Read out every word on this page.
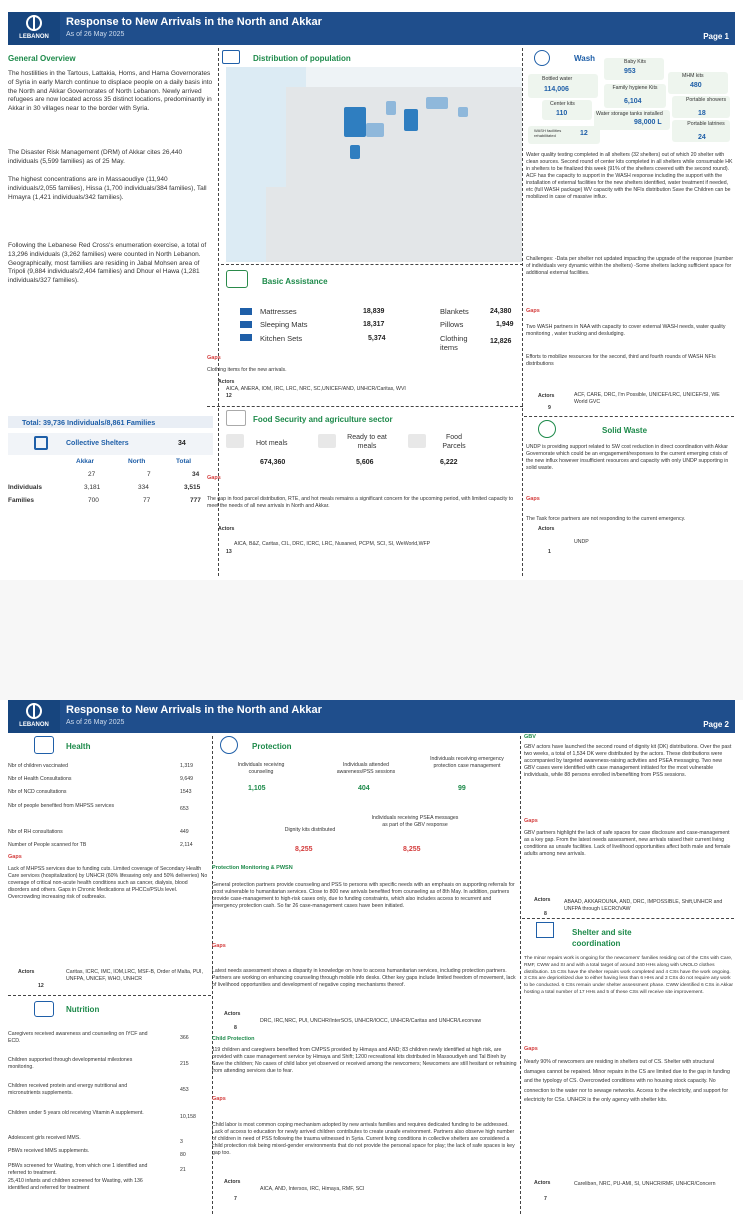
LEBANON
Response to New Arrivals in the North and Akkar
As of 26 May 2025	Page 1
General Overview
The hostilities in the Tartous, Lattakia, Homs, and Hama Governorates of Syria in early March continue to displace people on a daily basis into the North and Akkar Governorates of North Lebanon. Newly arrived refugees are now located across 35 distinct locations, predominantly in Akkar in 30 villages near to the border with Syria.
The Disaster Risk Management (DRM) of Akkar cites 26,440 individuals (5,599 families) as of 25 May.
The highest concentrations are in Massaoudiye (11,940 individuals/2,055 families), Hissa (1,700 individuals/384 families), Tall Hmayra (1,421 individuals/342 families).
Following the Lebanese Red Cross's enumeration exercise, a total of 13,296 individuals (3,262 families) were counted in North Lebanon. Geographically, most families are residing in Jabal Mohsen area of Tripoli (9,884 individuals/2,404 families) and Dhour el Hawa (1,281 individuals/327 families).
Total: 39,736 Individuals/8,861 Families
Collective Shelters	34
Akkar	North	Total
27	7	34
Individuals	3,181	334	3,515
Families	700	77	777
Distribution of population
Basic Assistance
Mattresses	18,839
Sleeping Mats	18,317
Kitchen Sets	5,374
Blankets	24,380
Pillows	1,949
Clothing items
12,826
Gaps
Clothing items for the new arrivals.
Actors
12
AICA, ANERA, IOM, IRC, LRC, NRC, SC,UNICEF/AND, UNHCR/Caritas, WVI
Food Security and agriculture sector
Hot meals
674,360
Ready to eat meals
5,606
Food Parcels
6,222
Gaps
The gap in food parcel distribution, RTE, and hot meals remains a significant concern for the upcoming period, with limited capacity to meet the needs of all new arrivals in North and Akkar.
Actors
AICA, B&Z, Caritas, CIL, DRC, ICRC, LRC, Nusaned, PCPM, SCI, SI, WeWorld,WFP
13
Wash
Bottled water
114,006
Baby Kits
953
MHM kits
480
Family hygiene Kits
6,104
Center kits
110	Water storage tanks installed
98,000 L
Portable showers
18
Portable latrines
24
WASH facilities rehabilitated	12
Water quality testing completed in all shelters (32 shelters) out of which 20 shelter with clean sources. Second round of center kits completed in all shelters while consumable HK in shelters to be finalized this week (91% of the shelters covered with the second round). ACF has the capacity to support in the WASH response including the support with the installation of external facilities for the new shelters identified, water treatment if needed, etc (full WASH package) WV capacity with the NFIs distribution Save the Children can be mobilized in case of massive influx.
Challenges: -Data per shelter not updated impacting the upgrade of the response (number of individuals very dynamic within the shelters) -Some shelters lacking sufficient space for additional external facilities.
Gaps
Two WASH partners in NAA with capacity to cover external WASH needs, water quality monitoring , water trucking and desludging.
Efforts to mobilize resources for the second, third and fourth rounds of WASH NFIs distributions
Actors
9
ACF, CARE, DRC, I'm Possible, UNICEF/LRC, UNICEF/SI, WE World GVC
Solid Waste
UNDP is providing support related to SW cost reduction in direct coordination with Akkar Governorate which could be an engagement/responses to the current emerging crisis of the new influx however insufficient resources and capacity with only UNDP supporting in solid waste.
Gaps
The Task force partners are not responding to the current emergency.
Actors
UNDP
1
LEBANON
Response to New Arrivals in the North and Akkar
As of 26 May 2025	Page 2
Health
Nbr of children vaccinated	1,319
Nbr of Health Consultations	9,649
Nbr of NCD consultations	1543
Nbr of people benefited from MHPSS services	653
Nbr of RH consultations	449
Number of People scanned for TB	2,114
Gaps
Lack of MHPSS services due to funding cuts. Limited coverage of Secondary Health Care services (hospitalization) by UNHCR (60% lifesaving only and 50% deliveries) No coverage of critical non-acute health conditions such as cancer, dialysis, blood disorders and others. Gaps in Chronic Medications at PHCCs/PSUs level. Overcrowding increasing risk of outbreaks.
Actors
12
Caritas, ICRC, IMC, IOM,LRC, MSF-B, Order of Malta, PUI, UNFPA, UNICEF, WHO, UNHCR
Nutrition
Caregivers received awareness and counseling on IYCF and ECD.	366
Children supported through developmental milestones monitoring.	215
Children received protein and energy nutritional and micronutrients supplements.	453
Children under 5 years old receiving Vitamin A supplement.
10,158
Adolescent girls received MMS.
3
PBWs received MMS supplements.
80
PBWs screened for Wasting, from which one 1 identified and referred to treatment.	21
25,410 infants and children screened for Wasting, with 136 identified and referred for treatment
Protection
Individuals receiving counseling
1,105
Individuals attended awareness/PSS sessions
404
Individuals receiving emergency protection case management
99
Dignity kits distributed
8,255
Individuals receiving PSEA messages as part of the GBV response
8,255
Protection Monitoring & PWSN
General protection partners provide counseling and PSS to persons with specific needs with an emphasis on supporting referrals for most vulnerable to humanitarian services. Close to 800 new arrivals benefited from counseling as of 8th May. In addition, partners provide case-management to high-risk cases only, due to funding constraints, which also includes access to recurrent and emergency protection cash. So far 26 case-management cases have been initiated.
Gaps
Latest needs assessment shows a disparity in knowledge on how to access humanitarian services, including protection partners. Partners are working on enhancing counseling through mobile info desks. Other key gaps include limited freedom of movement, lack of livelihood opportunities and development of negative coping mechanisms thereof.
Actors
8
DRC, IRC,NRC, PUI, UNCHR/InterSOS, UNHCR/IOCC, UNHCR/Caritas and UNHCR/Lecorvaw
Child Protection
119 children and caregivers benefited from CMPSS provided by Himaya and AND; 83 children newly identified at high risk, are provided with case management service by Himaya and Shift; 1200 recreational kits distributed in Massoudiyeh and Tal Bireh by Save the children; No cases of child labor yet observed or received among the newcomers; Newcomers are still hesitant or refraining from attending services due to fear.
Gaps
Child labor is most common coping mechanism adopted by new arrivals families and requires dedicated funding to be addressed. Lack of access to education for newly arrived children contributes to create unsafe environment. Partners also observe high number of children in need of PSS following the trauma witnessed in Syria. Current living conditions in collective shelters are considered a child protection risk being mixed-gender environments that do not provide the personal space for play; the lack of safe spaces is key gap too.
Actors
AICA, AND, Intersos, IRC, Himaya, RMF, SCI
7
GBV
GBV actors have launched the second round of dignity kit (DK) distributions. Over the past two weeks, a total of 1,534 DK were distributed by the actors. These distributions were accompanied by targeted awareness-raising activities and PSEA messaging. Two new GBV cases were identified with case management initiated for the most vulnerable individuals, while 88 persons enrolled in/benefiting from PSS sessions.
Gaps
GBV partners highlight the lack of safe spaces for case disclosure and case-management as a key gap. From the latest needs assessment, new arrivals raised their current living conditions as unsafe facilities. Lack of livelihood opportunities affect both male and female adults among new arrivals.
Actors
8
ABAAD, AKKAROUNA, AND, DRC, IMPOSSIBLE, Shift,UNHCR and UNFPA through LECROVAW
Shelter and site coordination
The minor repairs work is ongoing for the newcomers' families residing out of the CSs with Care, RMF, CWW and SI and with a total target of around 340 HHs along with UNOLO clothes distribution. 15 CSs have the shelter repairs work completed and 4 CSs have the work ongoing. 3 CSs are deprioritized due to either having less than 6 HHs and 3 CSs do not require any work to be conducted. 6 CSs remain under shelter assessment phase. CWW identified 6 CSs in Akkar hosting a total number of 17 HHs and 5 of these CSs will receive site improvement.
Gaps
Nearly 90% of newcomers are residing in shelters out of CS. Shelter with structural damages cannot be repaired. Minor repairs in the CS are limited due to the gap in funding and the typology of CS. Overcrowded conditions with no housing stock capacity. No connection to the water nor to sewage networks. Access to the electricity, and support for electricity for CSs. UNHCR is the only agency with shelter kits.
Actors
7
Carelibən, NRC, PU-AMI, SI, UNHCR/RMF, UNHCR/Concern
